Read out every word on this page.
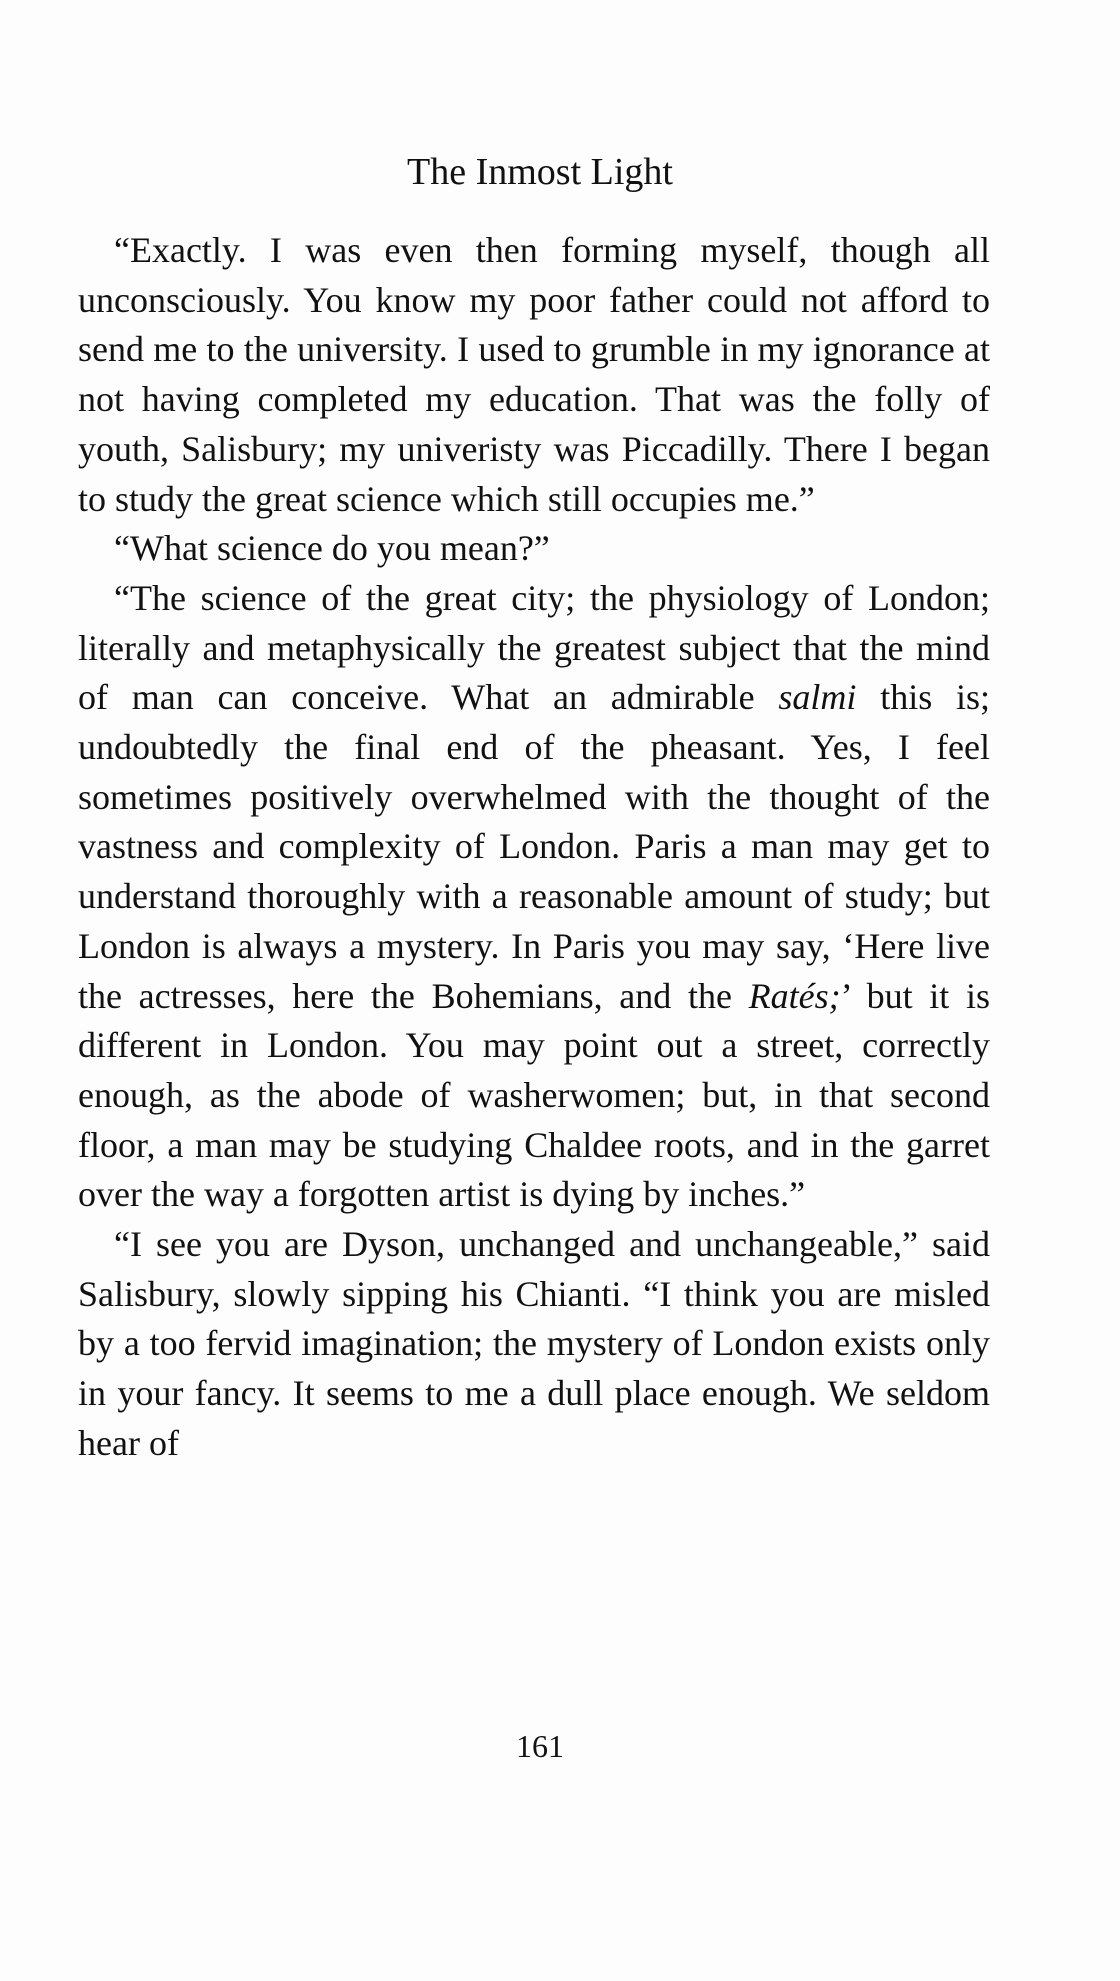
The Inmost Light

“Exactly. I was even then forming myself, though all unconsciously. You know my poor father could not afford to send me to the university. I used to grumble in my ignorance at not having completed my education. That was the folly of youth, Salisbury; my univeristy was Piccadilly. There I began to study the great science which still occupies me.”

“What science do you mean?”

“The science of the great city; the physiology of London; literally and metaphysically the greatest subject that the mind of man can conceive. What an admirable salmi this is; undoubtedly the final end of the pheasant. Yes, I feel sometimes positively overwhelmed with the thought of the vastness and complexity of London. Paris a man may get to understand thoroughly with a reasonable amount of study; but London is always a mystery. In Paris you may say, ‘Here live the actresses, here the Bohemians, and the Ratés;’ but it is different in London. You may point out a street, correctly enough, as the abode of washerwomen; but, in that second floor, a man may be studying Chaldee roots, and in the garret over the way a forgotten artist is dying by inches.”

“I see you are Dyson, unchanged and unchangeable,” said Salisbury, slowly sipping his Chianti. “I think you are misled by a too fervid imagination; the mystery of London exists only in your fancy. It seems to me a dull place enough. We seldom hear of

161
